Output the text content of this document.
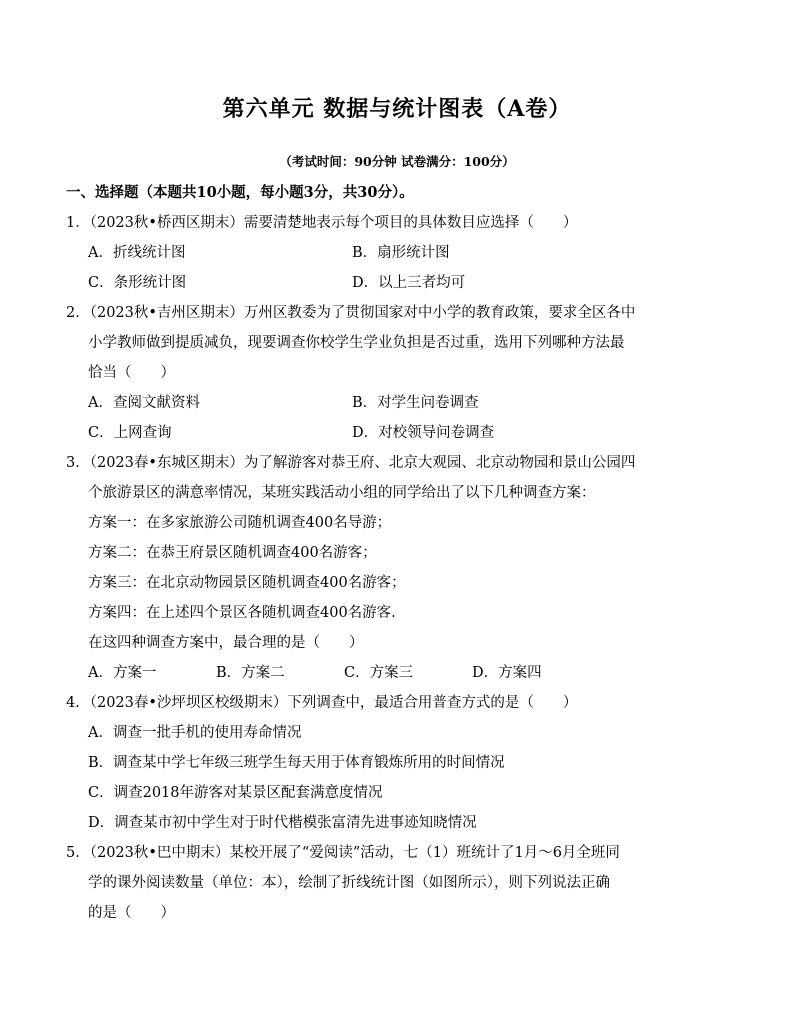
第六单元 数据与统计图表（A卷）
（考试时间：90分钟 试卷满分：100分）
一、选择题（本题共10小题，每小题3分，共30分）。
1．（2023秋•桥西区期末）需要清楚地表示每个项目的具体数目应选择（　　）
A．折线统计图	B．扇形统计图
C．条形统计图	D．以上三者均可
2．（2023秋•吉州区期末）万州区教委为了贯彻国家对中小学的教育政策，要求全区各中
小学教师做到提质减负，现要调查你校学生学业负担是否过重，选用下列哪种方法最
恰当（　　）
A．查阅文献资料	B．对学生问卷调查
C．上网查询	D．对校领导问卷调查
3．（2023春•东城区期末）为了解游客对恭王府、北京大观园、北京动物园和景山公园四
个旅游景区的满意率情况，某班实践活动小组的同学给出了以下几种调查方案：
方案一：在多家旅游公司随机调查400名导游；
方案二：在恭王府景区随机调查400名游客；
方案三：在北京动物园景区随机调查400名游客；
方案四：在上述四个景区各随机调查400名游客.
在这四种调查方案中，最合理的是（　　）
A．方案一	B．方案二	C．方案三	D．方案四
4．（2023春•沙坪坝区校级期末）下列调查中，最适合用普查方式的是（　　）
A．调查一批手机的使用寿命情况
B．调查某中学七年级三班学生每天用于体育锻炼所用的时间情况
C．调查2018年游客对某景区配套满意度情况
D．调查某市初中学生对于时代楷模张富清先进事迹知晓情况
5．（2023秋•巴中期末）某校开展了“爱阅读”活动，七（1）班统计了1月～6月全班同
学的课外阅读数量（单位：本），绘制了折线统计图（如图所示），则下列说法正确
的是（　　）
